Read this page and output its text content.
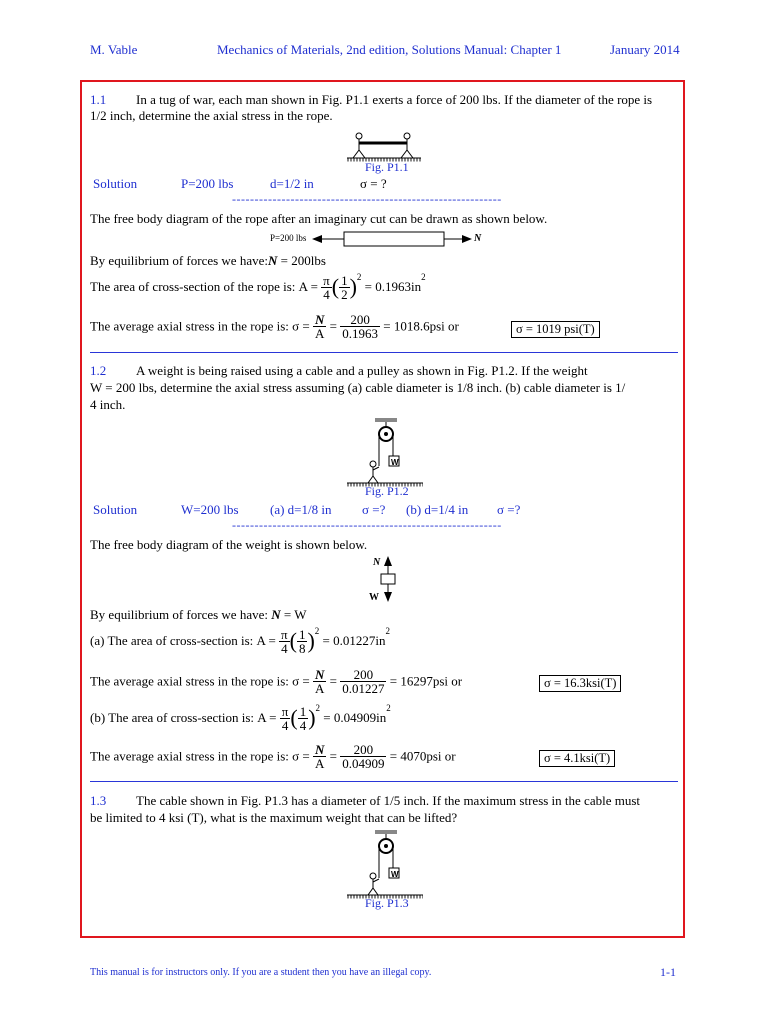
M. Vable	Mechanics of Materials, 2nd edition, Solutions Manual: Chapter 1	January 2014
1.1 In a tug of war, each man shown in Fig. P1.1 exerts a force of 200 lbs. If the diameter of the rope is
1/2 inch, determine the axial stress in the rope.
Fig. P1.1
Solution	P=200 lbs	d=1/2 in	σ = ?
------------------------------------------------------------
The free body diagram of the rope after an imaginary cut can be drawn as shown below.
P=200 lbs	N
By equilibrium of forces we have:N = 200lbs
The area of cross-section of the rope is: $A = \frac{\pi}{4}$ ( $\frac{1}{2} )^2 = 0.1963in^2$
The average axial stress in the rope is: $\sigma = \frac{N}{A} = \frac{200}{0.1963} = 1018.6psi$ or	σ = 1019 psi(T)
1.2 A weight is being raised using a cable and a pulley as shown in Fig. P1.2. If the weight
W = 200 lbs, determine the axial stress assuming (a) cable diameter is 1/8 inch. (b) cable diameter is 1/
4 inch.
W
Fig. P1.2
Solution	W=200 lbs (a) d=1/8 in σ =? (b) d=1/4 in σ =?
------------------------------------------------------------
The free body diagram of the weight is shown below.
N
W
By equilibrium of forces we have: N = W
(a) The area of cross-section is: $A = \frac{\pi}{4}$ ( $\frac{1}{8} )^2 = 0.01227in^2$
The average axial stress in the rope is: $\sigma = \frac{N}{A} = \frac{200}{0.01227} = 16297psi$ or	σ = 16.3ksi(T)
(b) The area of cross-section is: $A = \frac{\pi}{4}$ ( $\frac{1}{4} )^2 = 0.04909in^2$
The average axial stress in the rope is: $\sigma = \frac{N}{A} = \frac{200}{0.04909} = 4070psi$ or	σ = 4.1ksi(T)
1.3 The cable shown in Fig. P1.3 has a diameter of 1/5 inch. If the maximum stress in the cable must
be limited to 4 ksi (T), what is the maximum weight that can be lifted?
W
Fig. P1.3
This manual is for instructors only. If you are a student then you have an illegal copy.	1-1
